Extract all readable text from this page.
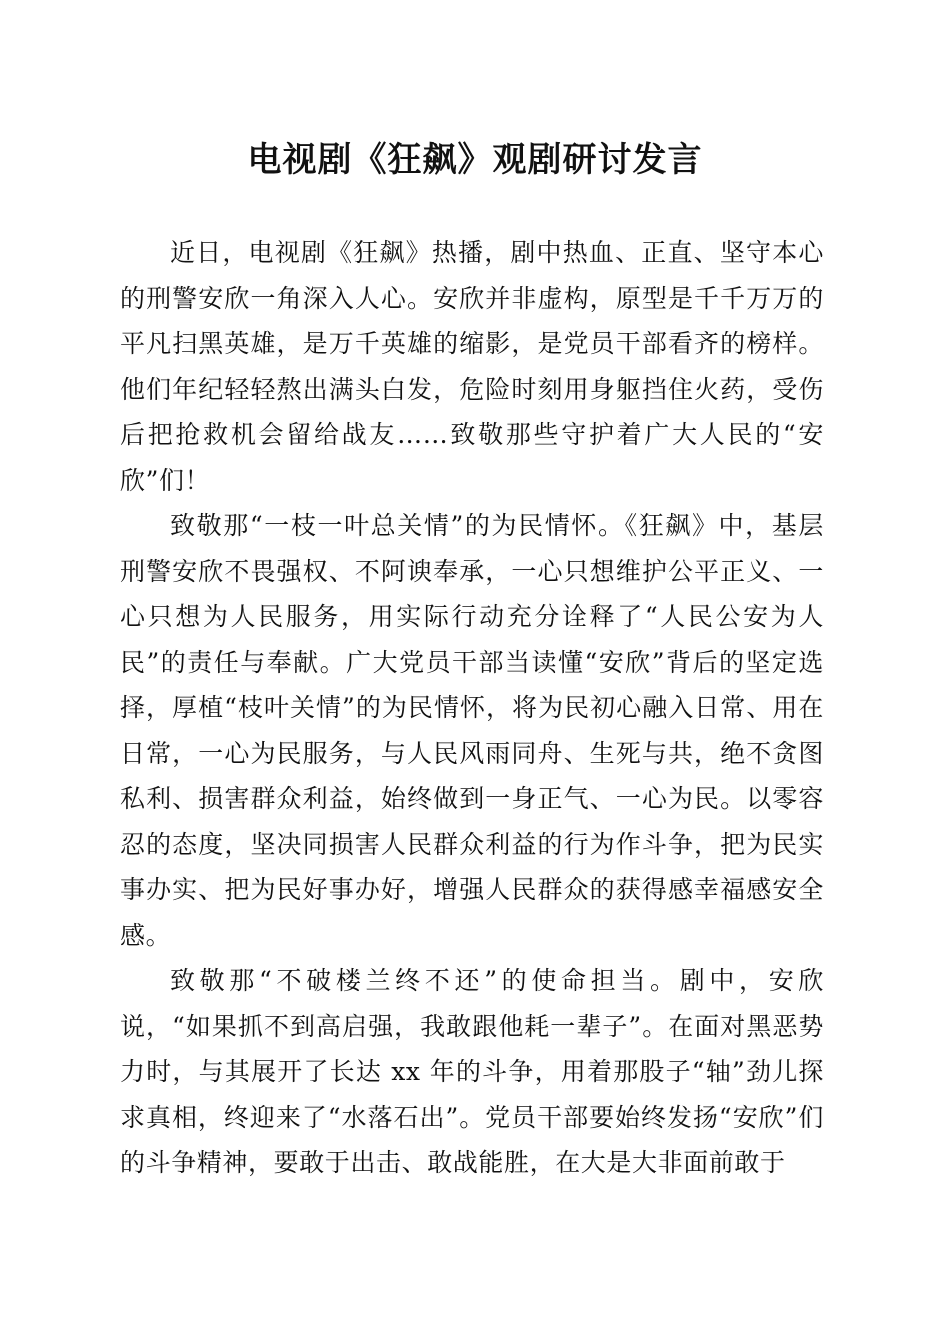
电视剧《狂飙》观剧研讨发言

近日，电视剧《狂飙》热播，剧中热血、正直、坚守本心的刑警安欣一角深入人心。安欣并非虚构，原型是千千万万的平凡扫黑英雄，是万千英雄的缩影，是党员干部看齐的榜样。他们年纪轻轻熬出满头白发，危险时刻用身躯挡住火药，受伤后把抢救机会留给战友……致敬那些守护着广大人民的“安欣”们！

致敬那“一枝一叶总关情”的为民情怀。《狂飙》中，基层刑警安欣不畏强权、不阿谀奉承，一心只想维护公平正义、一心只想为人民服务，用实际行动充分诠释了“人民公安为人民”的责任与奉献。广大党员干部当读懂“安欣”背后的坚定选择，厚植“枝叶关情”的为民情怀，将为民初心融入日常、用在日常，一心为民服务，与人民风雨同舟、生死与共，绝不贪图私利、损害群众利益，始终做到一身正气、一心为民。以零容忍的态度，坚决同损害人民群众利益的行为作斗争，把为民实事办实、把为民好事办好，增强人民群众的获得感幸福感安全感。

致敬那“不破楼兰终不还”的使命担当。剧中，安欣说，“如果抓不到高启强，我敢跟他耗一辈子”。在面对黑恶势力时，与其展开了长达 xx 年的斗争，用着那股子“轴”劲儿探求真相，终迎来了“水落石出”。党员干部要始终发扬“安欣”们的斗争精神，要敢于出击、敢战能胜，在大是大非面前敢于
